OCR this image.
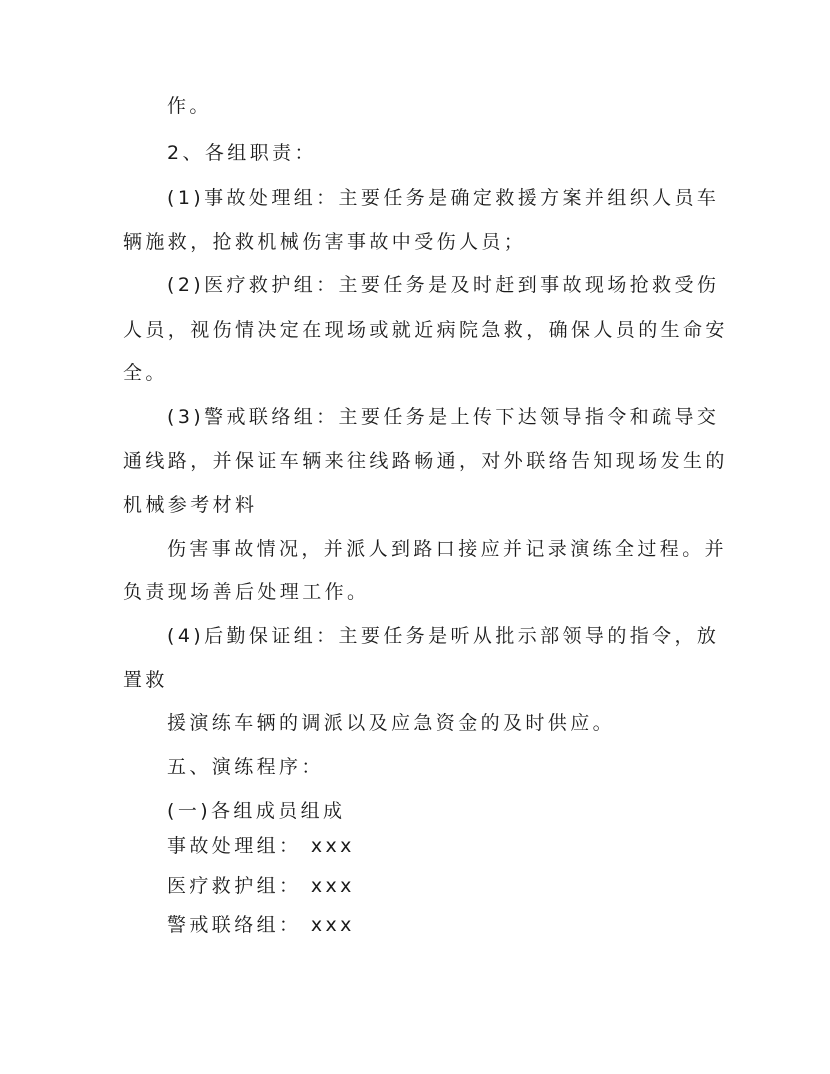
作。
2、各组职责：
(1)事故处理组：主要任务是确定救援方案并组织人员车
辆施救，抢救机械伤害事故中受伤人员；
(2)医疗救护组：主要任务是及时赶到事故现场抢救受伤
人员，视伤情决定在现场或就近病院急救，确保人员的生命安
全。
(3)警戒联络组：主要任务是上传下达领导指令和疏导交
通线路，并保证车辆来往线路畅通，对外联络告知现场发生的
机械参考材料
伤害事故情况，并派人到路口接应并记录演练全过程。并
负责现场善后处理工作。
(4)后勤保证组：主要任务是听从批示部领导的指令，放
置救
援演练车辆的调派以及应急资金的及时供应。
五、演练程序：
(一)各组成员组成
事故处理组： xxx
医疗救护组： xxx
警戒联络组： xxx
